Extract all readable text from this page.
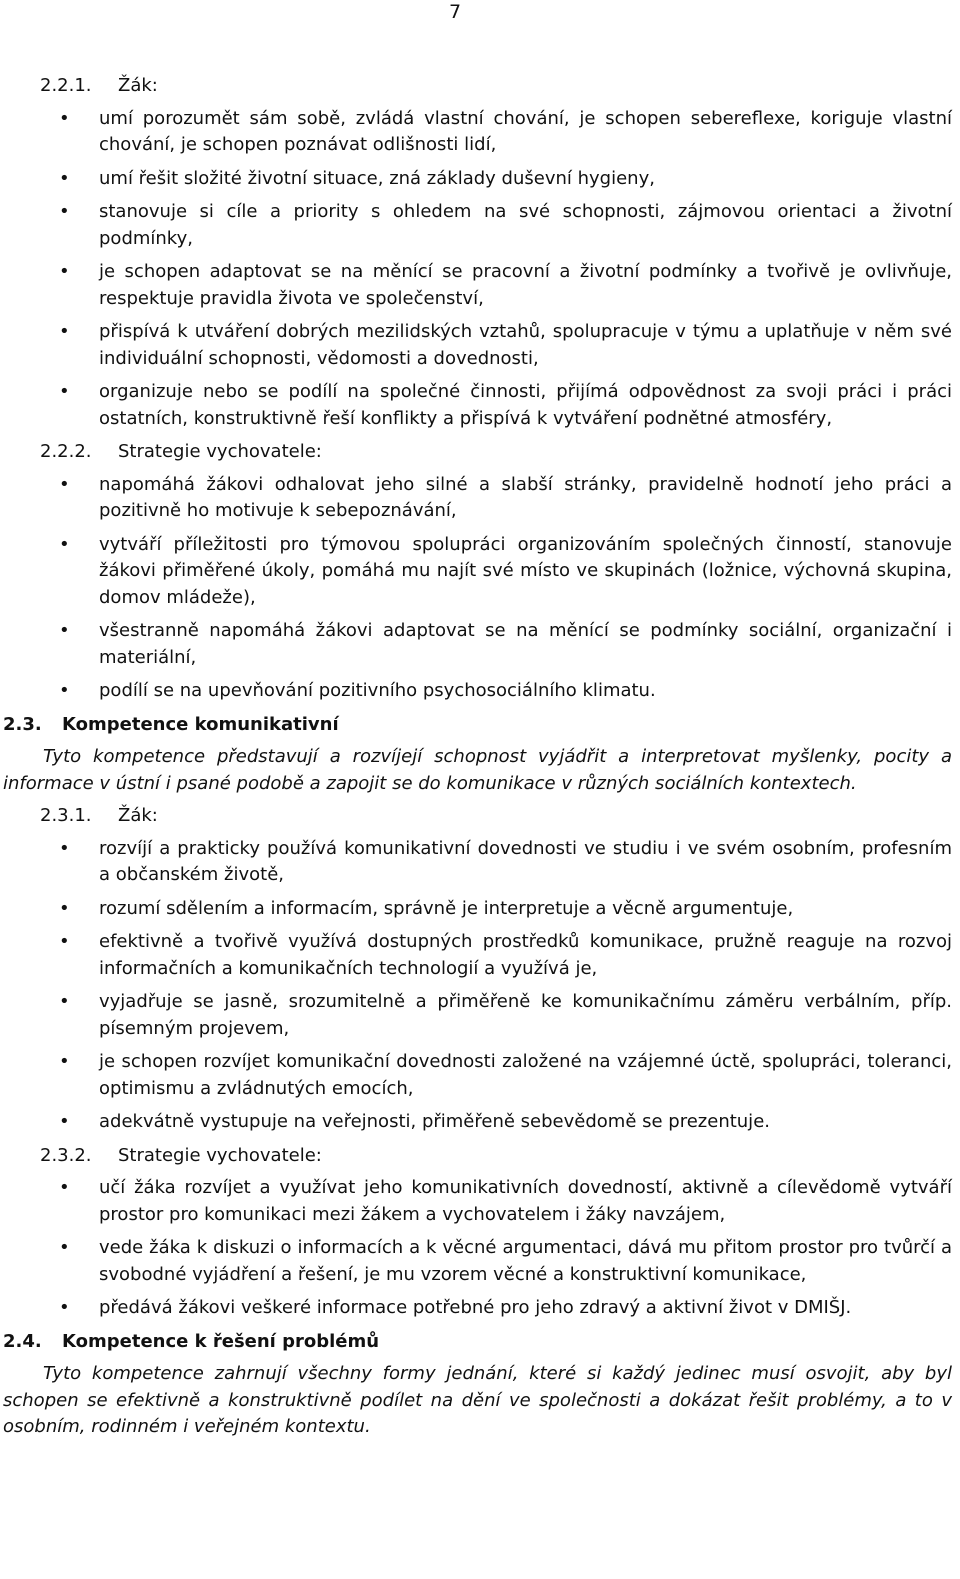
7
2.2.1. Žák:
• umí porozumět sám sobě, zvládá vlastní chování, je schopen sebereflexe, koriguje vlastní chování, je schopen poznávat odlišnosti lidí,
• umí řešit složité životní situace, zná základy duševní hygieny,
• stanovuje si cíle a priority s ohledem na své schopnosti, zájmovou orientaci a životní podmínky,
• je schopen adaptovat se na měnící se pracovní a životní podmínky a tvořivě je ovlivňuje, respektuje pravidla života ve společenství,
• přispívá k utváření dobrých mezilidských vztahů, spolupracuje v týmu a uplatňuje v něm své individuální schopnosti, vědomosti a dovednosti,
• organizuje nebo se podílí na společné činnosti, přijímá odpovědnost za svoji práci i práci ostatních, konstruktivně řeší konflikty a přispívá k vytváření podnětné atmosféry,
2.2.2. Strategie vychovatele:
• napomáhá žákovi odhalovat jeho silné a slabší stránky, pravidelně hodnotí jeho práci a pozitivně ho motivuje k sebepoznávání,
• vytváří příležitosti pro týmovou spolupráci organizováním společných činností, stanovuje žákovi přiměřené úkoly, pomáhá mu najít své místo ve skupinách (ložnice, výchovná skupina, domov mládeže),
• všestranně napomáhá žákovi adaptovat se na měnící se podmínky sociální, organizační i materiální,
• podílí se na upevňování pozitivního psychosociálního klimatu.
2.3. Kompetence komunikativní
Tyto kompetence představují a rozvíjejí schopnost vyjádřit a interpretovat myšlenky, pocity a informace v ústní i psané podobě a zapojit se do komunikace v různých sociálních kontextech.
2.3.1. Žák:
• rozvíjí a prakticky používá komunikativní dovednosti ve studiu i ve svém osobním, profesním a občanském životě,
• rozumí sdělením a informacím, správně je interpretuje a věcně argumentuje,
• efektivně a tvořivě využívá dostupných prostředků komunikace, pružně reaguje na rozvoj informačních a komunikačních technologií a využívá je,
• vyjadřuje se jasně, srozumitelně a přiměřeně ke komunikačnímu záměru verbálním, příp. písemným projevem,
• je schopen rozvíjet komunikační dovednosti založené na vzájemné úctě, spolupráci, toleranci, optimismu a zvládnutých emocích,
• adekvátně vystupuje na veřejnosti, přiměřeně sebevědomě se prezentuje.
2.3.2. Strategie vychovatele:
• učí žáka rozvíjet a využívat jeho komunikativních dovedností, aktivně a cílevědomě vytváří prostor pro komunikaci mezi žákem a vychovatelem i žáky navzájem,
• vede žáka k diskuzi o informacích a k věcné argumentaci, dává mu přitom prostor pro tvůrčí a svobodné vyjádření a řešení, je mu vzorem věcné a konstruktivní komunikace,
• předává žákovi veškeré informace potřebné pro jeho zdravý a aktivní život v DMIŠJ.
2.4. Kompetence k řešení problémů
Tyto kompetence zahrnují všechny formy jednání, které si každý jedinec musí osvojit, aby byl schopen se efektivně a konstruktivně podílet na dění ve společnosti a dokázat řešit problémy, a to v osobním, rodinném i veřejném kontextu.
